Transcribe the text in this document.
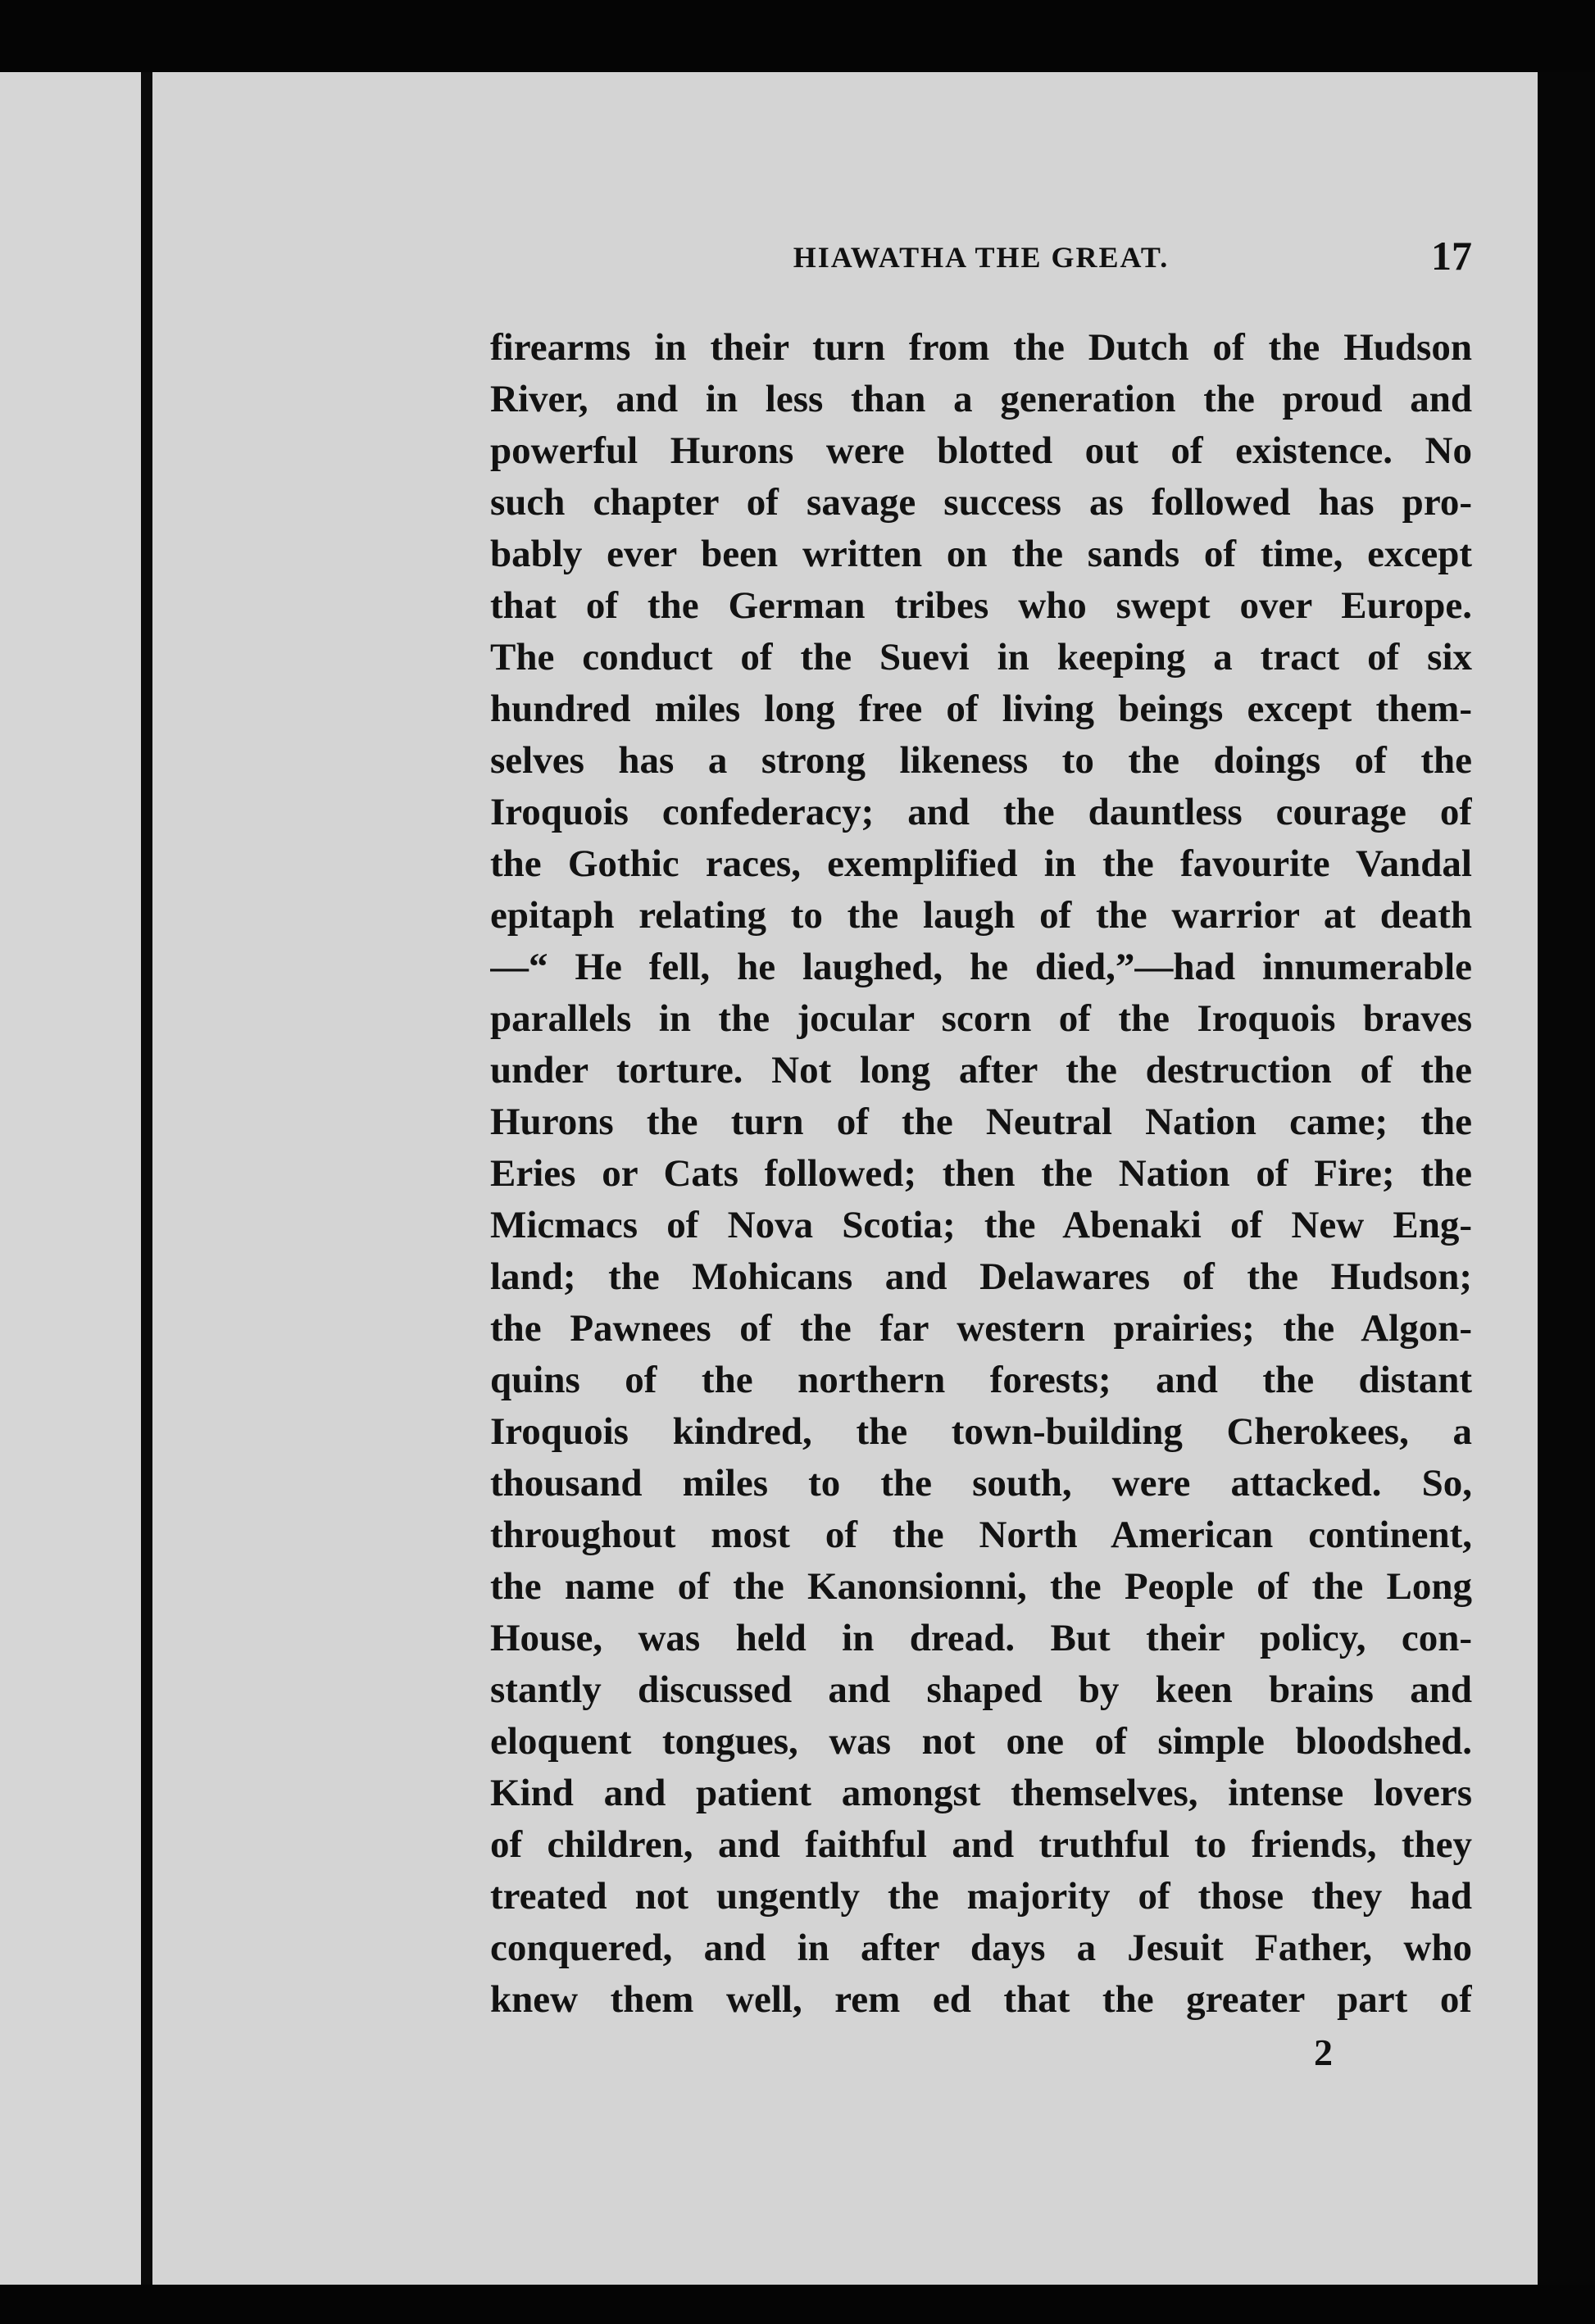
HIAWATHA THE GREAT.	17
firearms in their turn from the Dutch of the Hudson
River, and in less than a generation the proud and
powerful Hurons were blotted out of existence. No
such chapter of savage success as followed has pro-
bably ever been written on the sands of time, except
that of the German tribes who swept over Europe.
The conduct of the Suevi in keeping a tract of six
hundred miles long free of living beings except them-
selves has a strong likeness to the doings of the
Iroquois confederacy; and the dauntless courage of
the Gothic races, exemplified in the favourite Vandal
epitaph relating to the laugh of the warrior at death
—“ He fell, he laughed, he died,”—had innumerable
parallels in the jocular scorn of the Iroquois braves
under torture. Not long after the destruction of the
Hurons the turn of the Neutral Nation came; the
Eries or Cats followed; then the Nation of Fire; the
Micmacs of Nova Scotia; the Abenaki of New Eng-
land; the Mohicans and Delawares of the Hudson;
the Pawnees of the far western prairies; the Algon-
quins of the northern forests; and the distant
Iroquois kindred, the town-building Cherokees, a
thousand miles to the south, were attacked. So,
throughout most of the North American continent,
the name of the Kanonsionni, the People of the Long
House, was held in dread. But their policy, con-
stantly discussed and shaped by keen brains and
eloquent tongues, was not one of simple bloodshed.
Kind and patient amongst themselves, intense lovers
of children, and faithful and truthful to friends, they
treated not ungently the majority of those they had
conquered, and in after days a Jesuit Father, who
knew them well, rem ed that the greater part of
2
